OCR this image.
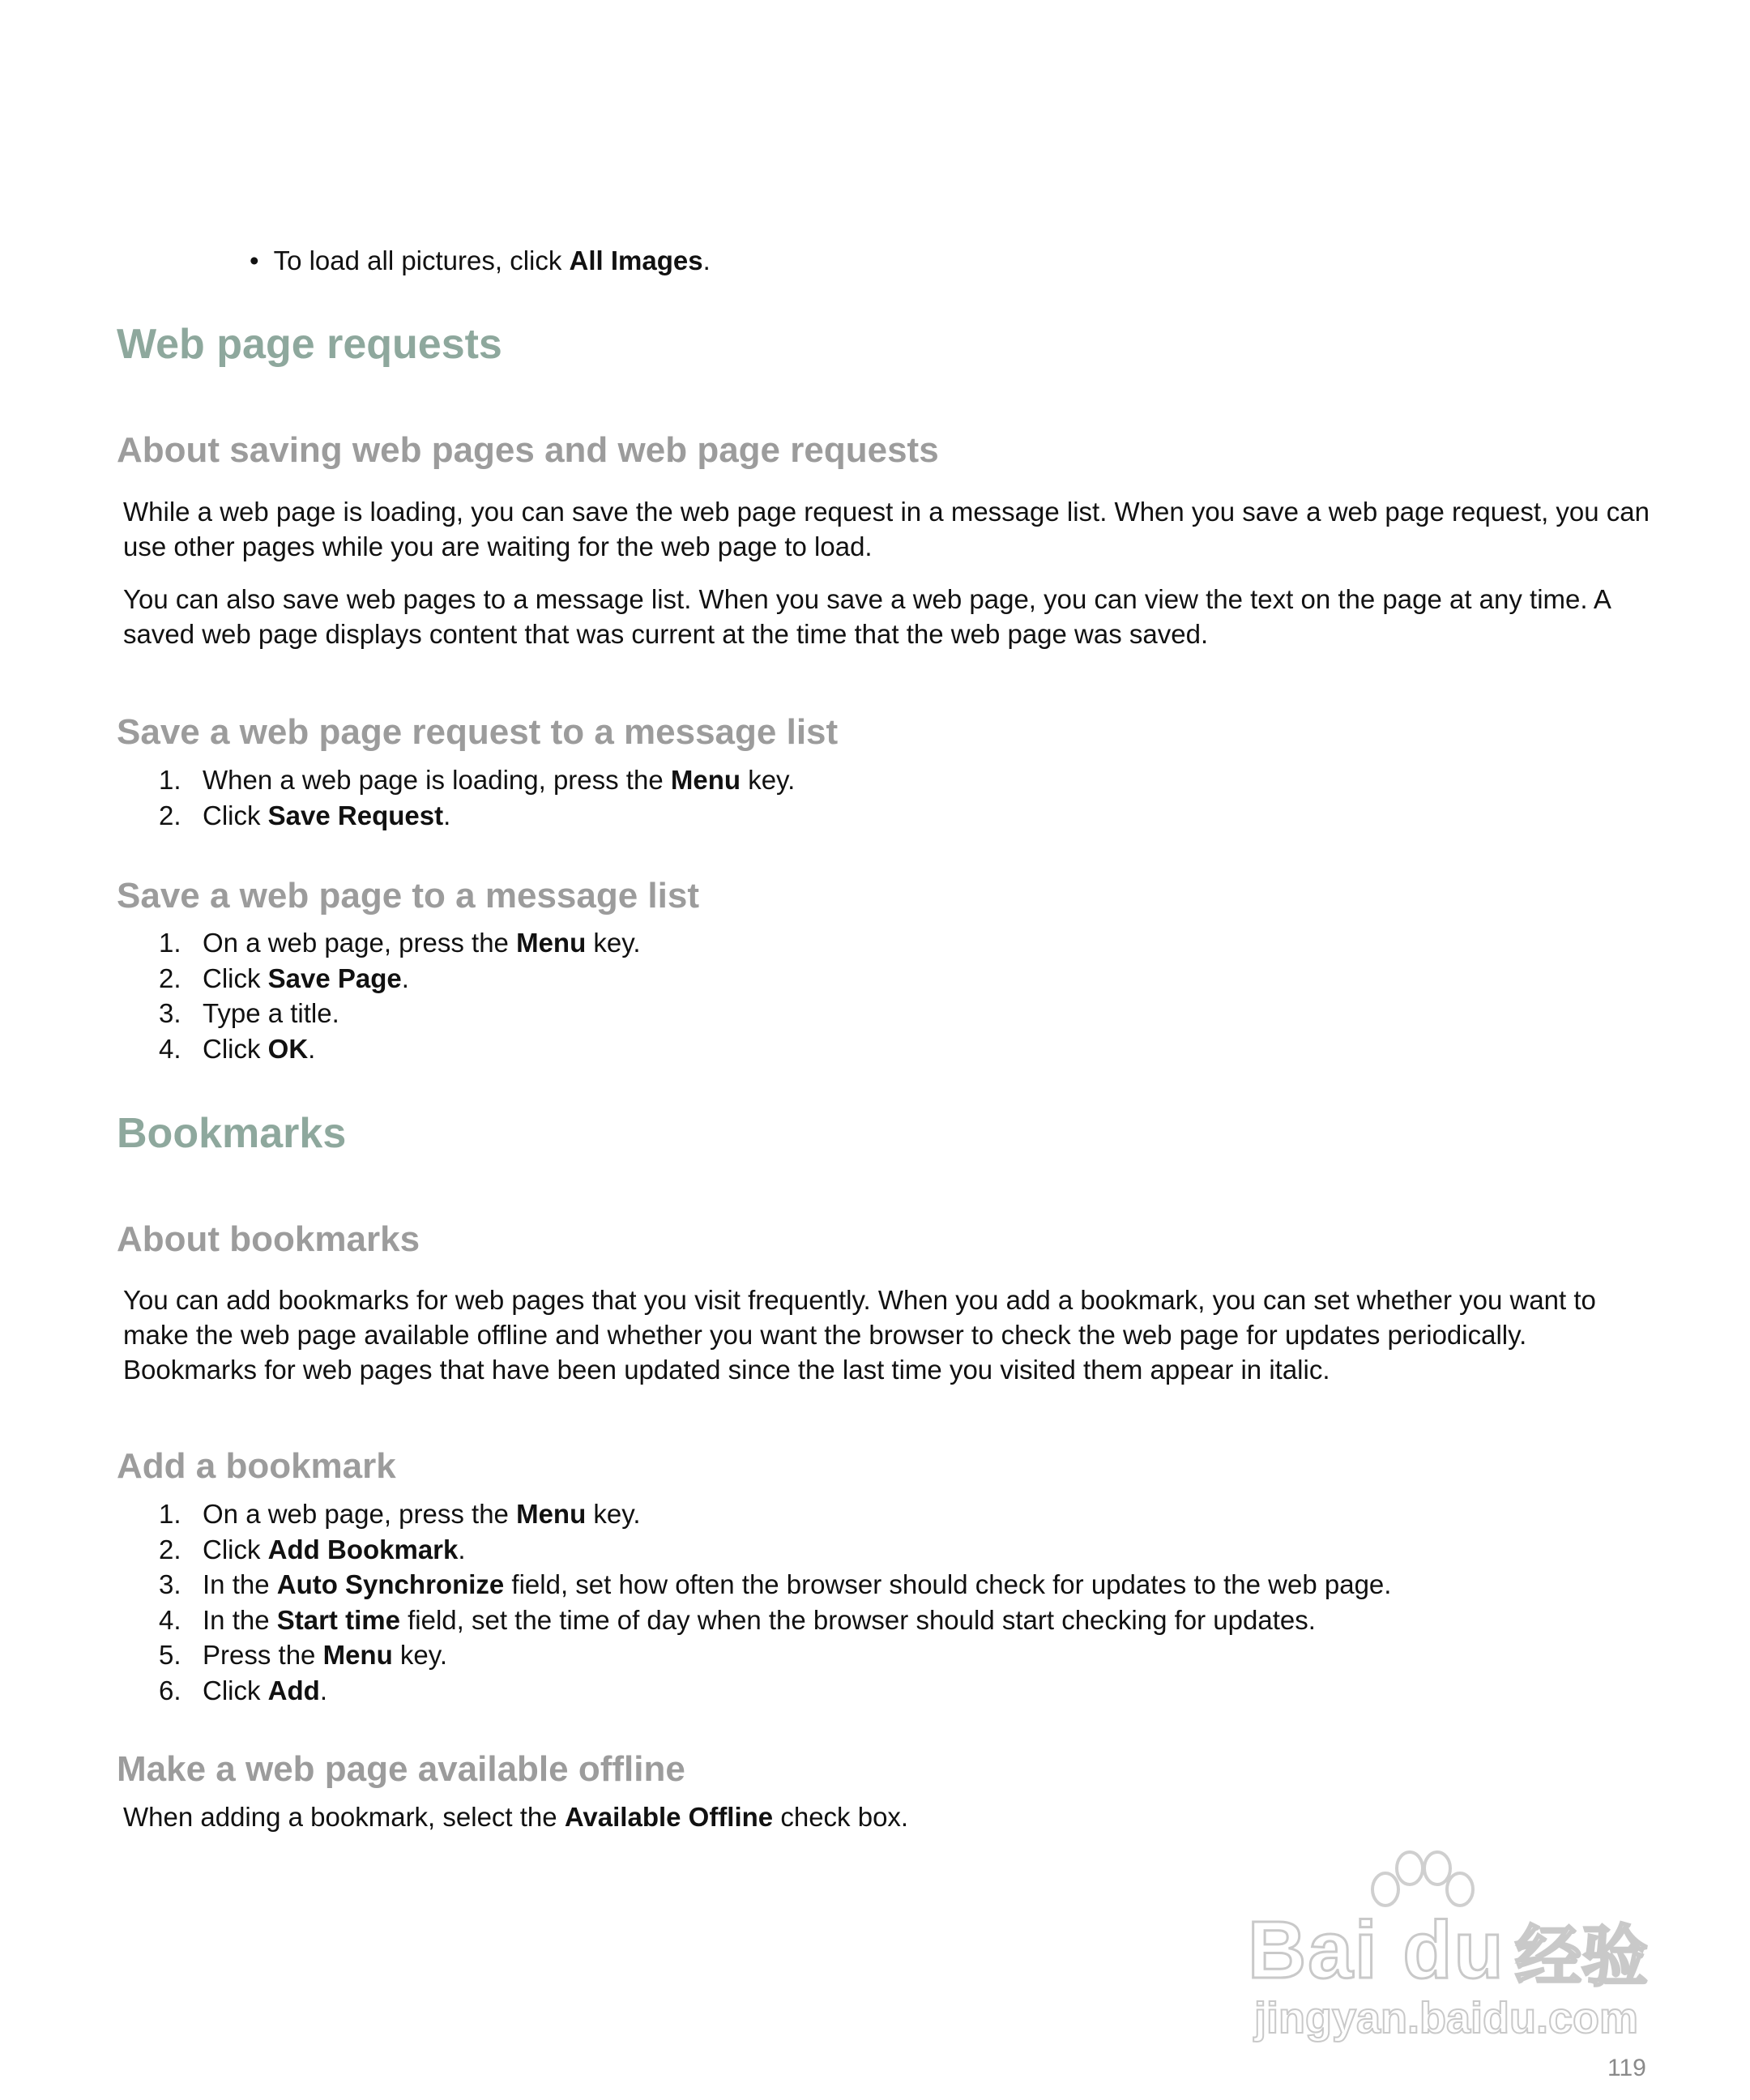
• To load all pictures, click All Images.
Web page requests
About saving web pages and web page requests

While a web page is loading, you can save the web page request in a message list. When you save a web page request, you can use other pages while you are waiting for the web page to load.

You can also save web pages to a message list. When you save a web page, you can view the text on the page at any time. A saved web page displays content that was current at the time that the web page was saved.

Save a web page request to a message list
1. When a web page is loading, press the Menu key.
2. Click Save Request.
Save a web page to a message list
1. On a web page, press the Menu key.
2. Click Save Page.
3. Type a title.
4. Click OK.
Bookmarks
About bookmarks

You can add bookmarks for web pages that you visit frequently. When you add a bookmark, you can set whether you want to make the web page available offline and whether you want the browser to check the web page for updates periodically. Bookmarks for web pages that have been updated since the last time you visited them appear in italic.

Add a bookmark
1. On a web page, press the Menu key.
2. Click Add Bookmark.
3. In the Auto Synchronize field, set how often the browser should check for updates to the web page.
4. In the Start time field, set the time of day when the browser should start checking for updates.
5. Press the Menu key.
6. Click Add.
Make a web page available offline

When adding a bookmark, select the Available Offline check box.

Bai du 经验
jingyan.baidu.com
119
